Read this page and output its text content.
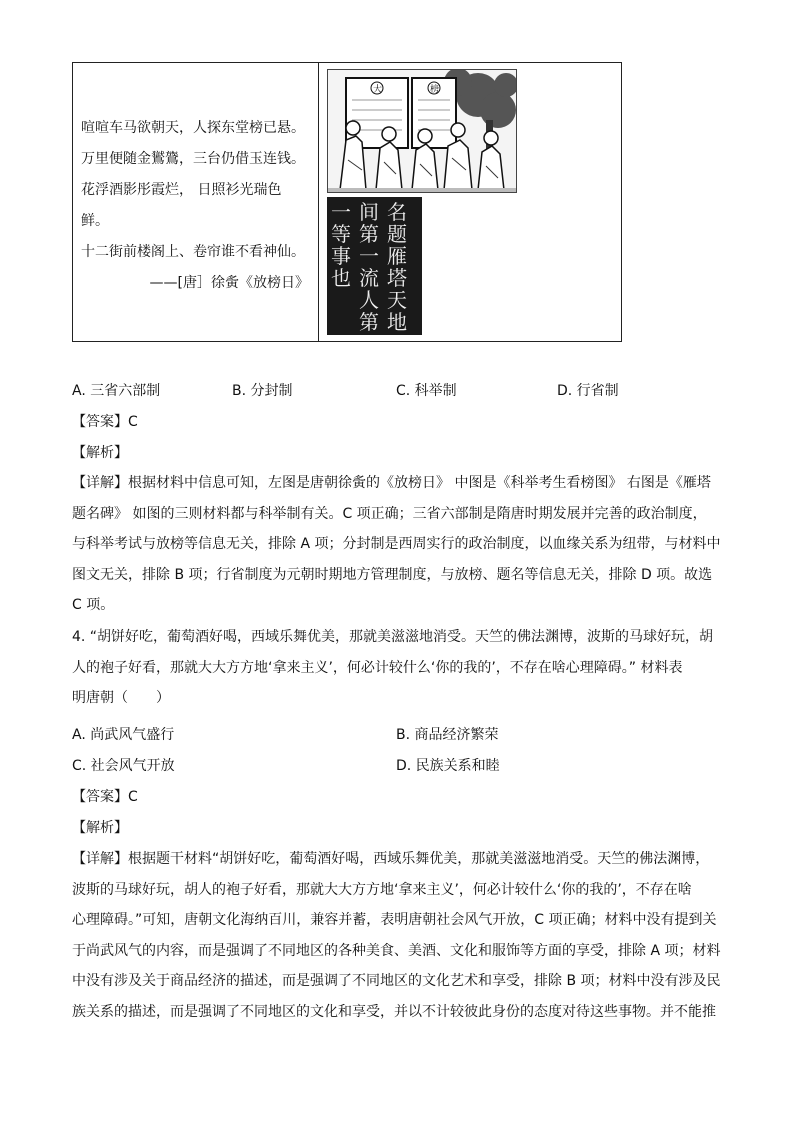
喧喧车马欲朝天，人探东堂榜已悬。
万里便随金鸑鷟，三台仍借玉连钱。
花浮酒影彤霞烂， 日照衫光瑞色
鲜。
十二街前楼阁上、卷帘谁不看神仙。
——[唐］徐夤《放榜日》
大	榜
名题雁塔天地
间第一流人第
一等事也
A. 三省六部制	B. 分封制	C. 科举制	D. 行省制
【答案】C
【解析】
【详解】根据材料中信息可知，左图是唐朝徐夤的《放榜日》 中图是《科举考生看榜图》 右图是《雁塔
题名碑》 如图的三则材料都与科举制有关。C 项正确；三省六部制是隋唐时期发展并完善的政治制度，
与科举考试与放榜等信息无关，排除 A 项；分封制是西周实行的政治制度，以血缘关系为纽带，与材料中
图文无关，排除 B 项；行省制度为元朝时期地方管理制度，与放榜、题名等信息无关，排除 D 项。故选
C 项。
4. “胡饼好吃，葡萄酒好喝，西域乐舞优美，那就美滋滋地消受。天竺的佛法渊博，波斯的马球好玩，胡
人的袍子好看，那就大大方方地‘拿来主义’，何必计较什么‘你的我的’，不存在啥心理障碍。” 材料表
明唐朝（　　）
A. 尚武风气盛行	B. 商品经济繁荣
C. 社会风气开放	D. 民族关系和睦
【答案】C
【解析】
【详解】根据题干材料“胡饼好吃，葡萄酒好喝，西域乐舞优美，那就美滋滋地消受。天竺的佛法渊博，
波斯的马球好玩，胡人的袍子好看，那就大大方方地‘拿来主义’，何必计较什么‘你的我的’，不存在啥
心理障碍。”可知，唐朝文化海纳百川，兼容并蓄，表明唐朝社会风气开放，C 项正确；材料中没有提到关
于尚武风气的内容，而是强调了不同地区的各种美食、美酒、文化和服饰等方面的享受，排除 A 项；材料
中没有涉及关于商品经济的描述，而是强调了不同地区的文化艺术和享受，排除 B 项；材料中没有涉及民
族关系的描述，而是强调了不同地区的文化和享受，并以不计较彼此身份的态度对待这些事物。并不能推
